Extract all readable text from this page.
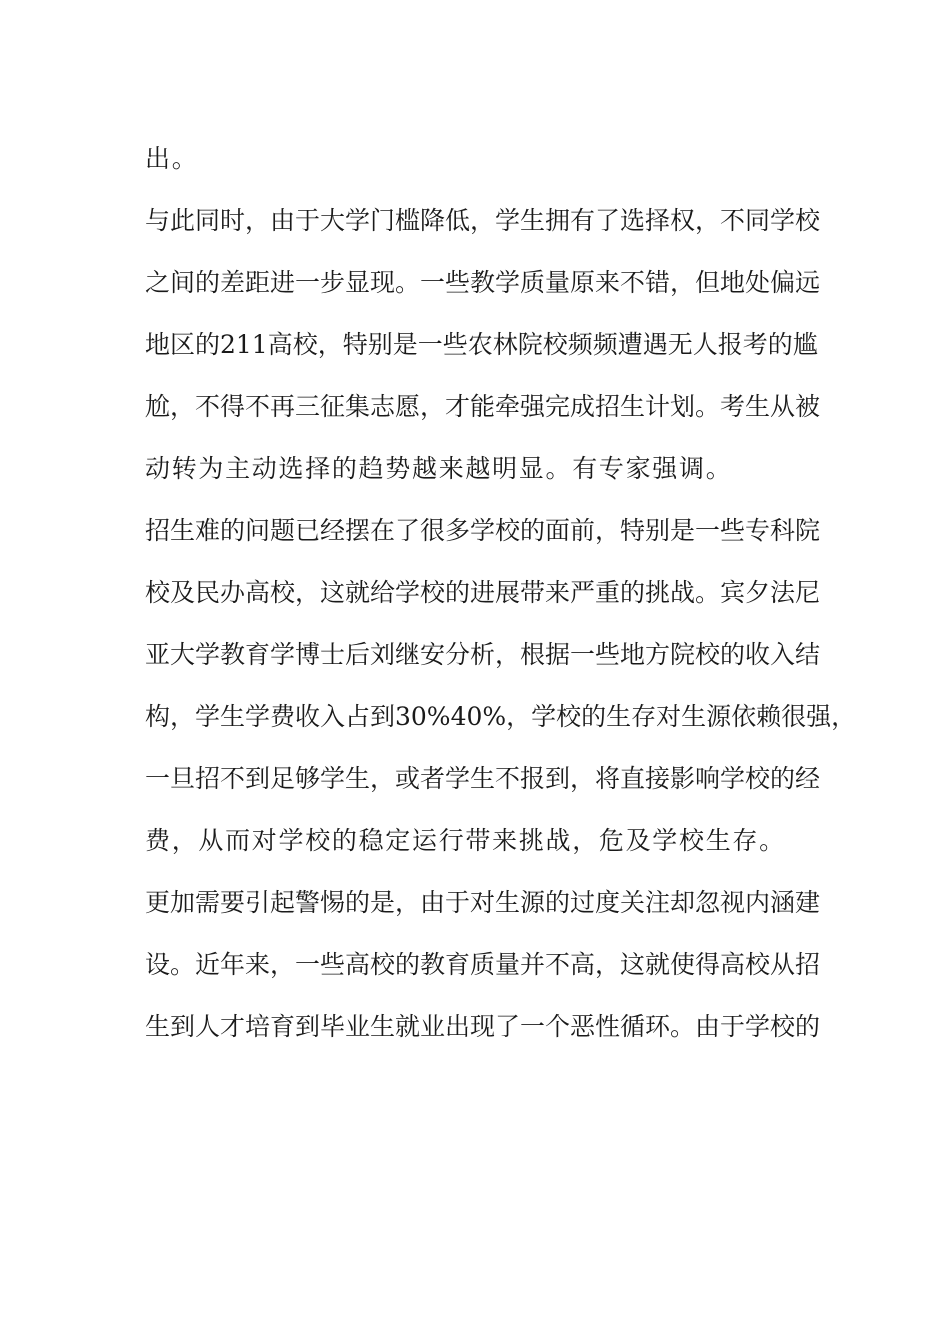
出。
与此同时，由于大学门槛降低，学生拥有了选择权，不同学校
之间的差距进一步显现。一些教学质量原来不错，但地处偏远
地区的211高校，特别是一些农林院校频频遭遇无人报考的尴
尬，不得不再三征集志愿，才能牵强完成招生计划。考生从被
动转为主动选择的趋势越来越明显。有专家强调。
招生难的问题已经摆在了很多学校的面前，特别是一些专科院
校及民办高校，这就给学校的进展带来严重的挑战。宾夕法尼
亚大学教育学博士后刘继安分析，根据一些地方院校的收入结
构，学生学费收入占到30%40%，学校的生存对生源依赖很强，
一旦招不到足够学生，或者学生不报到，将直接影响学校的经
费，从而对学校的稳定运行带来挑战，危及学校生存。
更加需要引起警惕的是，由于对生源的过度关注却忽视内涵建
设。近年来，一些高校的教育质量并不高，这就使得高校从招
生到人才培育到毕业生就业出现了一个恶性循环。由于学校的
